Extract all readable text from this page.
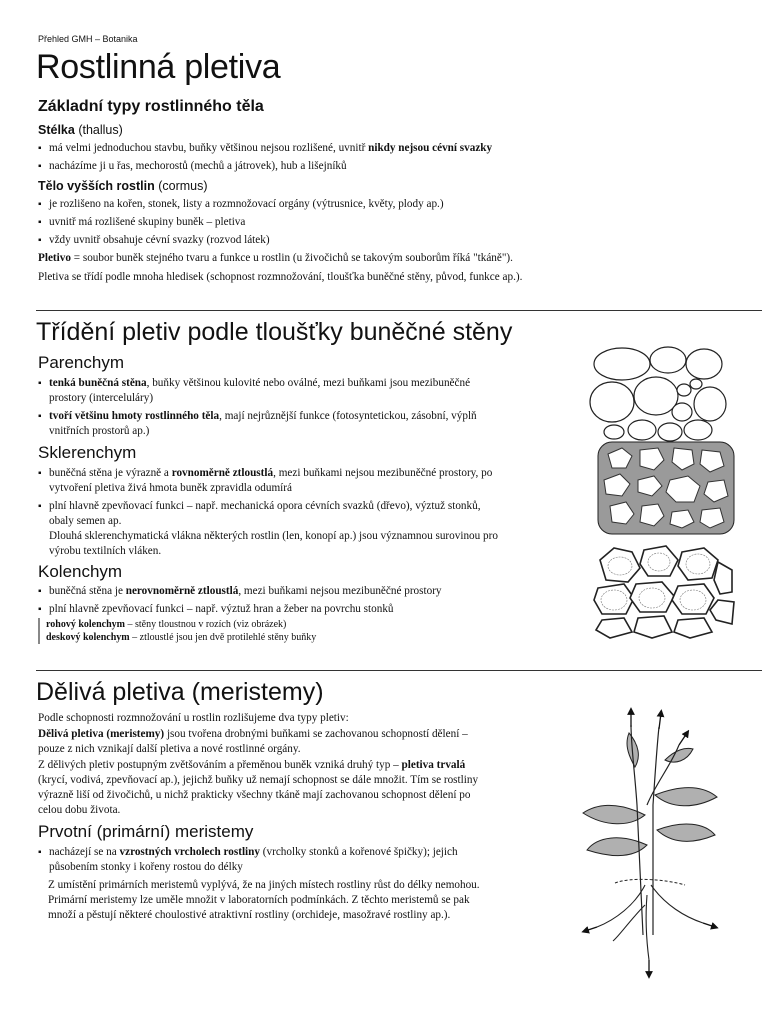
Přehled GMH – Botanika
Rostlinná pletiva
Základní typy rostlinného těla
Stélka (thallus)
▪ má velmi jednoduchou stavbu, buňky většinou nejsou rozlišené, uvnitř nikdy nejsou cévní svazky
▪ nacházíme ji u řas, mechorostů (mechů a játrovek), hub a lišejníků
Tělo vyšších rostlin (cormus)
▪ je rozlišeno na kořen, stonek, listy a rozmnožovací orgány (výtrusnice, květy, plody ap.)
▪ uvnitř má rozlišené skupiny buněk – pletiva
▪ vždy uvnitř obsahuje cévní svazky (rozvod látek)
Pletivo = soubor buněk stejného tvaru a funkce u rostlin (u živočichů se takovým souborům říká "tkáně").
Pletiva se třídí podle mnoha hledisek (schopnost rozmnožování, tloušťka buněčné stěny, původ, funkce ap.).
Třídění pletiv podle tloušťky buněčné stěny
Parenchym
▪ tenká buněčná stěna, buňky většinou kulovité nebo oválné, mezi buňkami jsou mezibuněčné
prostory (interceluláry)
▪ tvoří většinu hmoty rostlinného těla, mají nejrůznější funkce (fotosyntetickou, zásobní, výplň
vnitřních prostorů ap.)
Sklerenchym
▪ buněčná stěna je výrazně a rovnoměrně ztloustlá, mezi buňkami nejsou mezibuněčné prostory, po
vytvoření pletiva živá hmota buněk zpravidla odumírá
▪ plní hlavně zpevňovací funkci – např. mechanická opora cévních svazků (dřevo), výztuž stonků,
obaly semen ap.
Dlouhá sklerenchymatická vlákna některých rostlin (len, konopí ap.) jsou významnou surovinou pro
výrobu textilních vláken.
Kolenchym
▪ buněčná stěna je nerovnoměrně ztloustlá, mezi buňkami nejsou mezibuněčné prostory
▪ plní hlavně zpevňovací funkci – např. výztuž hran a žeber na povrchu stonků
rohový kolenchym – stěny tloustnou v rozích (viz obrázek)
deskový kolenchym – ztloustlé jsou jen dvě protilehlé stěny buňky
Dělivá pletiva (meristemy)
Podle schopnosti rozmnožování u rostlin rozlišujeme dva typy pletiv:
Dělivá pletiva (meristemy) jsou tvořena drobnými buňkami se zachovanou schopností dělení –
pouze z nich vznikají další pletiva a nové rostlinné orgány.
Z dělivých pletiv postupným zvětšováním a přeměnou buněk vzniká druhý typ – pletiva trvalá
(krycí, vodivá, zpevňovací ap.), jejichž buňky už nemají schopnost se dále množit. Tím se rostliny
výrazně liší od živočichů, u nichž prakticky všechny tkáně mají zachovanou schopnost dělení po
celou dobu života.
Prvotní (primární) meristemy
▪ nacházejí se na vzrostných vrcholech rostliny (vrcholky stonků a kořenové špičky); jejich
působením stonky i kořeny rostou do délky
Z umístění primárních meristemů vyplývá, že na jiných místech rostliny růst do délky nemohou.
Primární meristemy lze uměle množit v laboratorních podmínkách. Z těchto meristemů se pak
množí a pěstují některé choulostivé atraktivní rostliny (orchideje, masožravé rostliny ap.).
